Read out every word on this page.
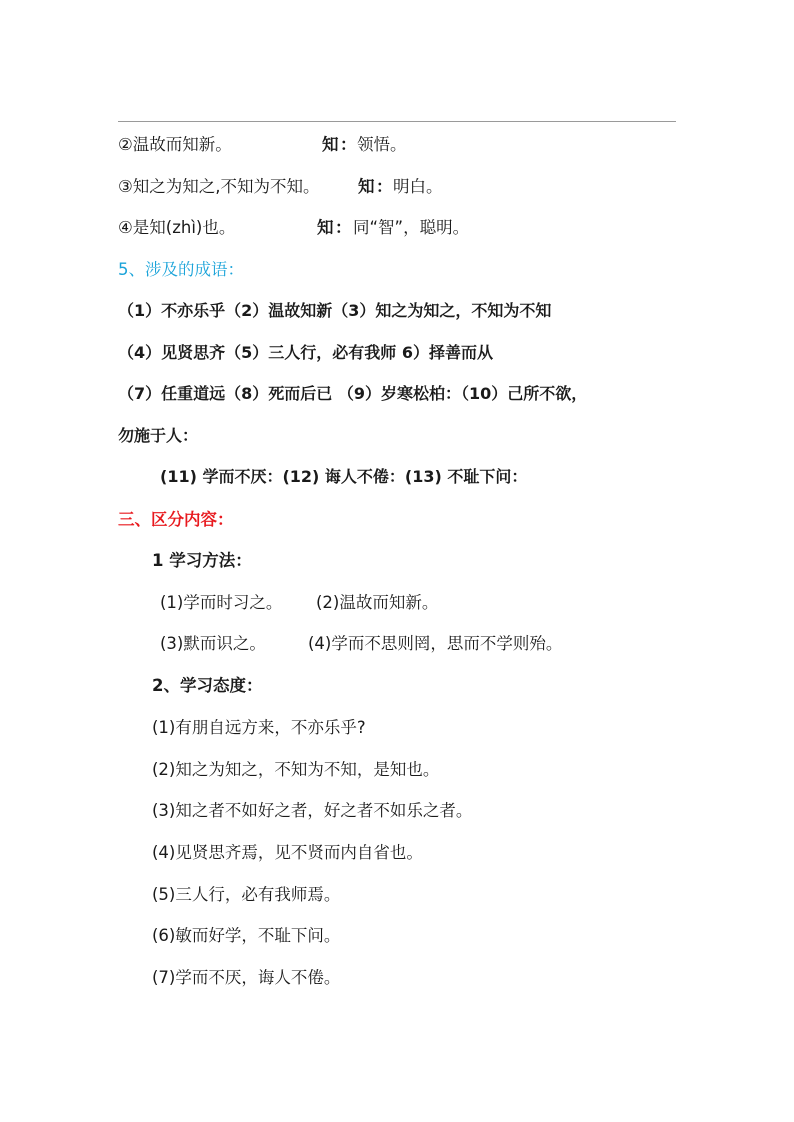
②温故而知新。	知 ： 领悟。
③知之为知之,不知为不知。 知 ： 明白。
④是知(zhì)也。	知 ： 同“智”，聪明。
5、涉及的成语：
（1）不亦乐乎（2）温故知新（3）知之为知之，不知为不知
（4）见贤思齐（5）三人行，必有我师 6）择善而从
（7）任重道远（8）死而后已 （9）岁寒松柏：（10）己所不欲，
勿施于人：
(11) 学而不厌：(12) 诲人不倦：(13) 不耻下问：
三、区分内容：
1 学习方法：
(1)学而时习之。 (2)温故而知新。
(3)默而识之。	(4)学而不思则罔，思而不学则殆。
2、学习态度：
(1)有朋自远方来，不亦乐乎?
(2)知之为知之，不知为不知，是知也。
(3)知之者不如好之者，好之者不如乐之者。
(4)见贤思齐焉，见不贤而内自省也。
(5)三人行，必有我师焉。
(6)敏而好学，不耻下问。
(7)学而不厌，诲人不倦。
